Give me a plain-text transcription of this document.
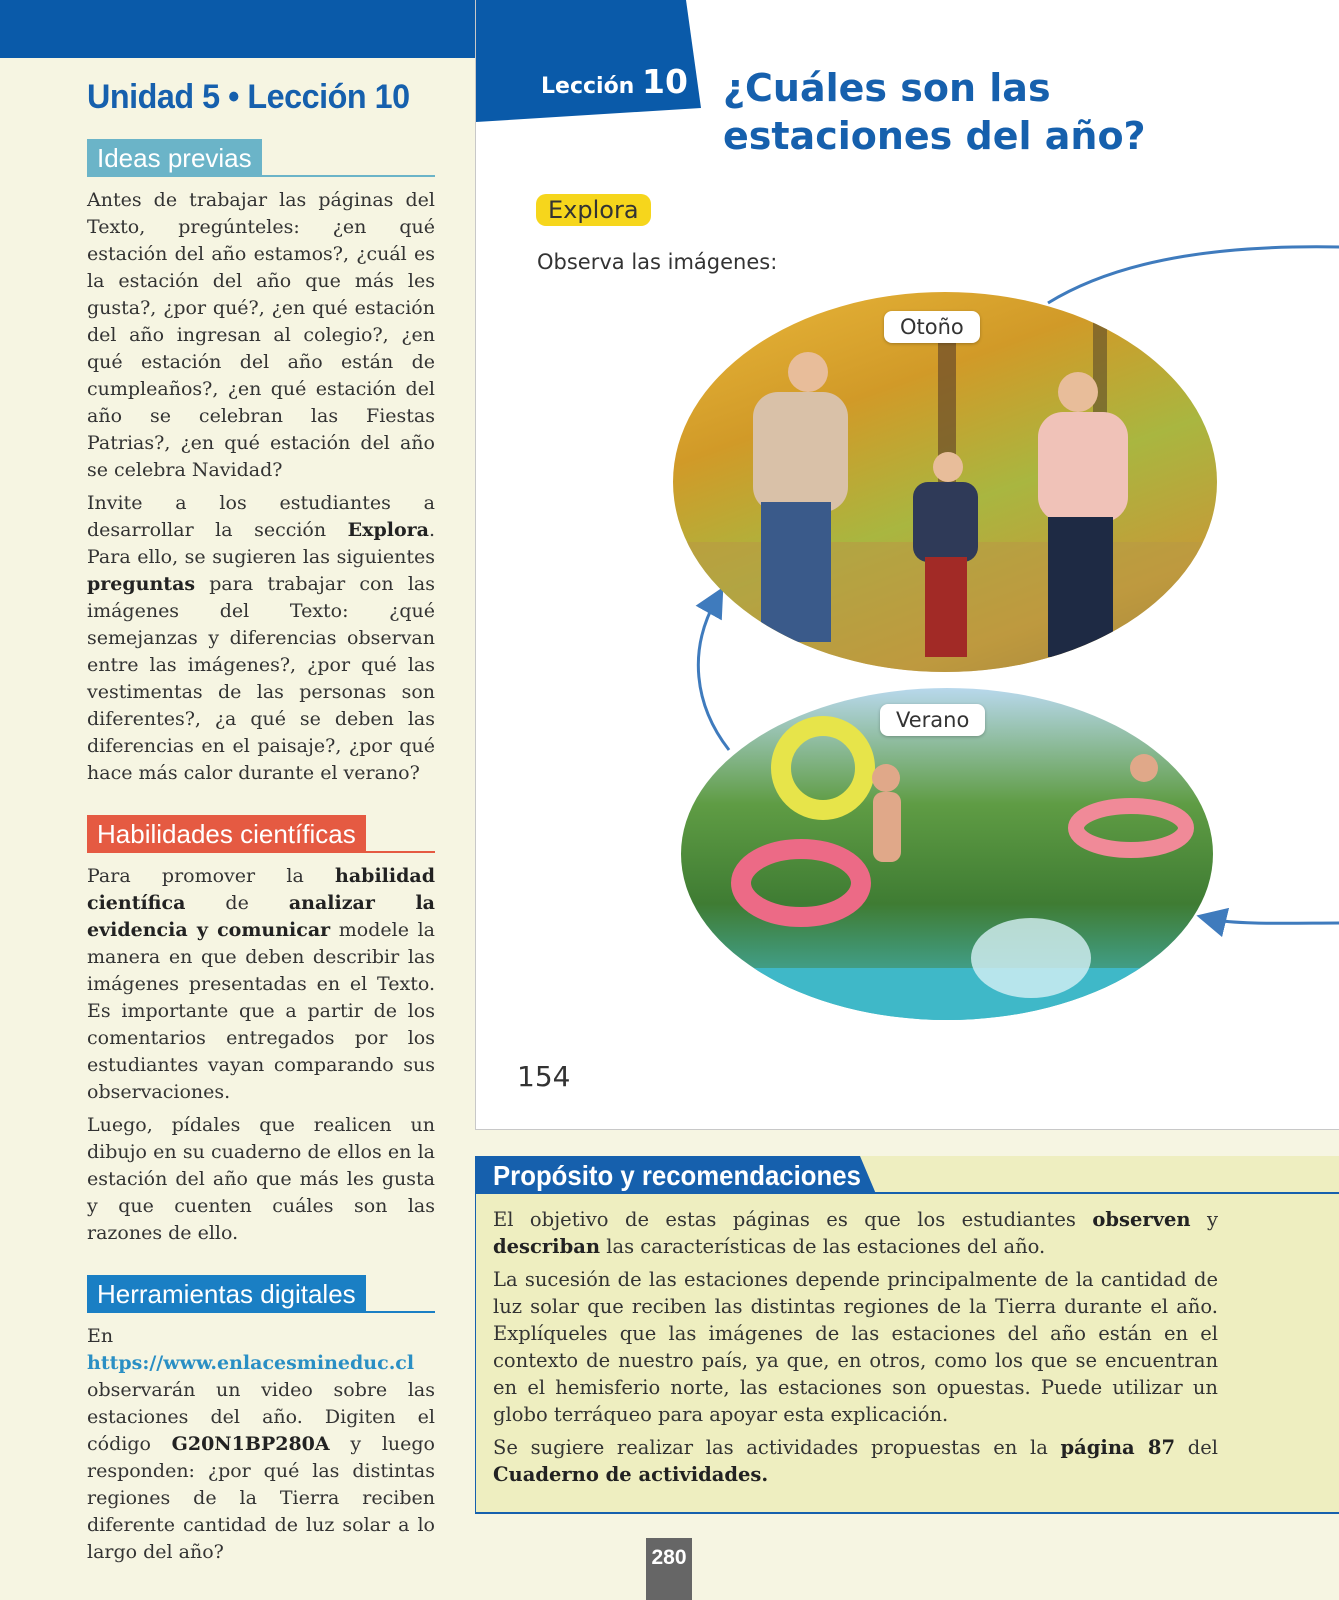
Unidad 5 • Lección 10
Ideas previas

Antes de trabajar las páginas del Texto, pregúnteles: ¿en qué estación del año estamos?, ¿cuál es la estación del año que más les gusta?, ¿por qué?, ¿en qué estación del año ingresan al colegio?, ¿en qué estación del año están de cumpleaños?, ¿en qué estación del año se celebran las Fiestas Patrias?, ¿en qué estación del año se celebra Navidad?

Invite a los estudiantes a desarrollar la sección Explora. Para ello, se sugieren las siguientes preguntas para trabajar con las imágenes del Texto: ¿qué semejanzas y diferencias observan entre las imágenes?, ¿por qué las vestimentas de las personas son diferentes?, ¿a qué se deben las diferencias en el paisaje?, ¿por qué hace más calor durante el verano?

Habilidades científicas

Para promover la habilidad científica de analizar la evidencia y comunicar modele la manera en que deben describir las imágenes presentadas en el Texto. Es importante que a partir de los comentarios entregados por los estudiantes vayan comparando sus observaciones.

Luego, pídales que realicen un dibujo en su cuaderno de ellos en la estación del año que más les gusta y que cuenten cuáles son las razones de ello.

Herramientas digitales

En https://www.enlacesmineduc.cl observarán un video sobre las estaciones del año. Digiten el código G20N1BP280A y luego responden: ¿por qué las distintas regiones de la Tierra reciben diferente cantidad de luz solar a lo largo del año?

Lección 10 ¿Cuáles son las estaciones del año?
Explora
Observa las imágenes:
Otoño
Verano
154
Propósito y recomendaciones

El objetivo de estas páginas es que los estudiantes observen y describan las características de las estaciones del año.

La sucesión de las estaciones depende principalmente de la cantidad de luz solar que reciben las distintas regiones de la Tierra durante el año. Explíqueles que las imágenes de las estaciones del año están en el contexto de nuestro país, ya que, en otros, como los que se encuentran en el hemisferio norte, las estaciones son opuestas. Puede utilizar un globo terráqueo para apoyar esta explicación.

Se sugiere realizar las actividades propuestas en la página 87 del Cuaderno de actividades.

280
